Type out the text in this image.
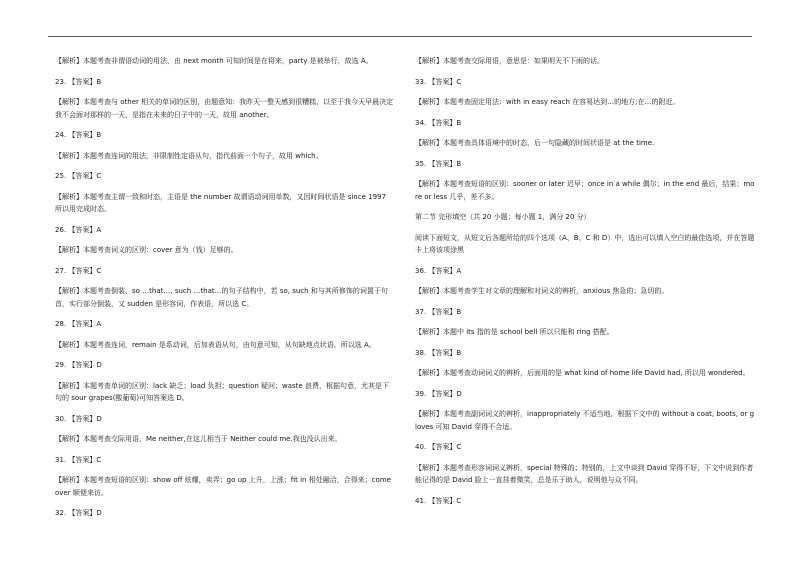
【解析】本题考查非谓语动词的用法，由 next month 可知时间是在将来，party 是被举行，故选 A。
23. 【答案】B
【解析】本题考查与 other 相关的单词的区别，由题意知：我昨天一整天感到很糟糕，以至于我今天早晨决定我不会面对那样的一天，是指在未来的日子中的一天，故用 another。
24. 【答案】B
【解析】本题考查连词的用法，非限制性定语从句，指代前面一个句子，故用 which。
25. 【答案】C
【解析】本题考查主谓一致和时态，主语是 the number 故谓语动词用单数，又因时间状语是 since 1997 所以用完成时态。
26. 【答案】A
【解析】本题考查词义的区别：cover 意为（钱）足够的。
27. 【答案】C
【解析】本题考查倒装，so …that…, such …that…的句子结构中，若 so, such 和与其所修饰的词置于句首，实行部分倒装，又 sudden 是形容词，作表语，所以选 C。
28. 【答案】A
【解析】本题考查连词，remain 是系动词，后加表语从句，由句意可知，从句缺地点状语，所以选 A。
29. 【答案】D
【解析】本题考查单词的区别：lack 缺乏；load 负担；question 疑问；waste 浪费，根据句意，尤其是下句的 sour grapes(酸葡萄)可知答案选 D。
30. 【答案】D
【解析】本题考查交际用语，Me neither,在这儿相当于 Neither could me.我也没认出来。
31. 【答案】C
【解析】本题考查短语的区别：show off 炫耀，卖弄；go up 上升，上涨；fit in 相处融洽，合得来；come over 顺便来访。
32. 【答案】D
【解析】本题考查交际用语，意思是：如果明天不下雨的话。
33. 【答案】C
【解析】本题考查固定用法：with in easy reach 在容易达到…的地方;在…的附近。
34. 【答案】B
【解析】本题考查具体语境中的时态，后一句隐藏的时间状语是 at the time.
35. 【答案】B
【解析】本题考查短语的区别：sooner or later 迟早；once in a while 偶尔；in the end 最后，结果；more or less 几乎，差不多。
第二节 完形填空（共 20 小题；每小题 1，满分 20 分）
阅读下面短文，从短文后各题所给的四个选项（A、B、C 和 D）中，选出可以填入空白的最佳选项，并在答题卡上将该项涂黑
36. 【答案】A
【解析】本题考查学生对文章的理解和对词义的辨析，anxious 焦急的；急切的。
37. 【答案】B
【解析】本题中 its 指的是 school bell 所以只能和 ring 搭配。
38. 【答案】B
【解析】本题考查动词词义的辨析，后面用的是 what kind of home life David had, 所以用 wondered。
39. 【答案】D
【解析】本题考查副词词义的辨析，inappropriately 不适当地，根据下文中的 without a coat, boots, or gloves 可知 David 穿得不合适。
40. 【答案】C
【解析】本题考查形容词词义辨析，special 特殊的；特别的，上文中谈到 David 穿得不好，下文中说到作者能记得的是 David 脸上一直挂着微笑，总是乐于助人，说明他与众不同。
41. 【答案】C
